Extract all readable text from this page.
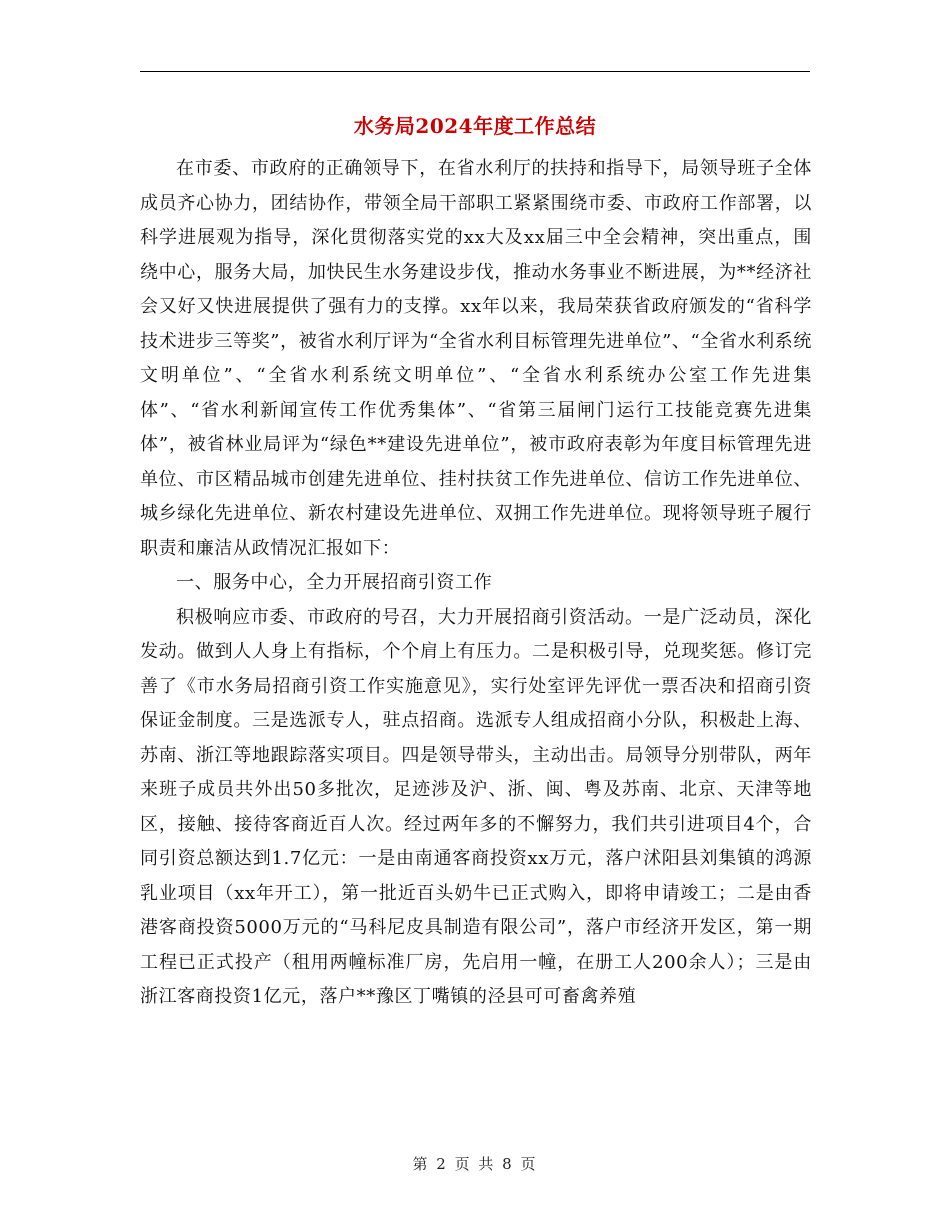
水务局2024年度工作总结

在市委、市政府的正确领导下，在省水利厅的扶持和指导下，局领导班子全体成员齐心协力，团结协作，带领全局干部职工紧紧围绕市委、市政府工作部署，以科学进展观为指导，深化贯彻落实党的xx大及xx届三中全会精神，突出重点，围绕中心，服务大局，加快民生水务建设步伐，推动水务事业不断进展，为**经济社会又好又快进展提供了强有力的支撑。xx年以来，我局荣获省政府颁发的“省科学技术进步三等奖”，被省水利厅评为“全省水利目标管理先进单位”、“全省水利系统文明单位”、“全省水利系统文明单位”、“全省水利系统办公室工作先进集体”、“省水利新闻宣传工作优秀集体”、“省第三届闸门运行工技能竞赛先进集体”，被省林业局评为“绿色**建设先进单位”，被市政府表彰为年度目标管理先进单位、市区精品城市创建先进单位、挂村扶贫工作先进单位、信访工作先进单位、城乡绿化先进单位、新农村建设先进单位、双拥工作先进单位。现将领导班子履行职责和廉洁从政情况汇报如下：

一、服务中心，全力开展招商引资工作

积极响应市委、市政府的号召，大力开展招商引资活动。一是广泛动员，深化发动。做到人人身上有指标，个个肩上有压力。二是积极引导，兑现奖惩。修订完善了《市水务局招商引资工作实施意见》，实行处室评先评优一票否决和招商引资保证金制度。三是选派专人，驻点招商。选派专人组成招商小分队，积极赴上海、苏南、浙江等地跟踪落实项目。四是领导带头，主动出击。局领导分别带队，两年来班子成员共外出50多批次，足迹涉及沪、浙、闽、粤及苏南、北京、天津等地区，接触、接待客商近百人次。经过两年多的不懈努力，我们共引进项目4个，合同引资总额达到1.7亿元：一是由南通客商投资xx万元，落户沭阳县刘集镇的鸿源乳业项目（xx年开工），第一批近百头奶牛已正式购入，即将申请竣工；二是由香港客商投资5000万元的“马科尼皮具制造有限公司”，落户市经济开发区，第一期工程已正式投产（租用两幢标准厂房，先启用一幢，在册工人200余人）；三是由浙江客商投资1亿元，落户**豫区丁嘴镇的泾县可可畜禽养殖

第 2 页 共 8 页
